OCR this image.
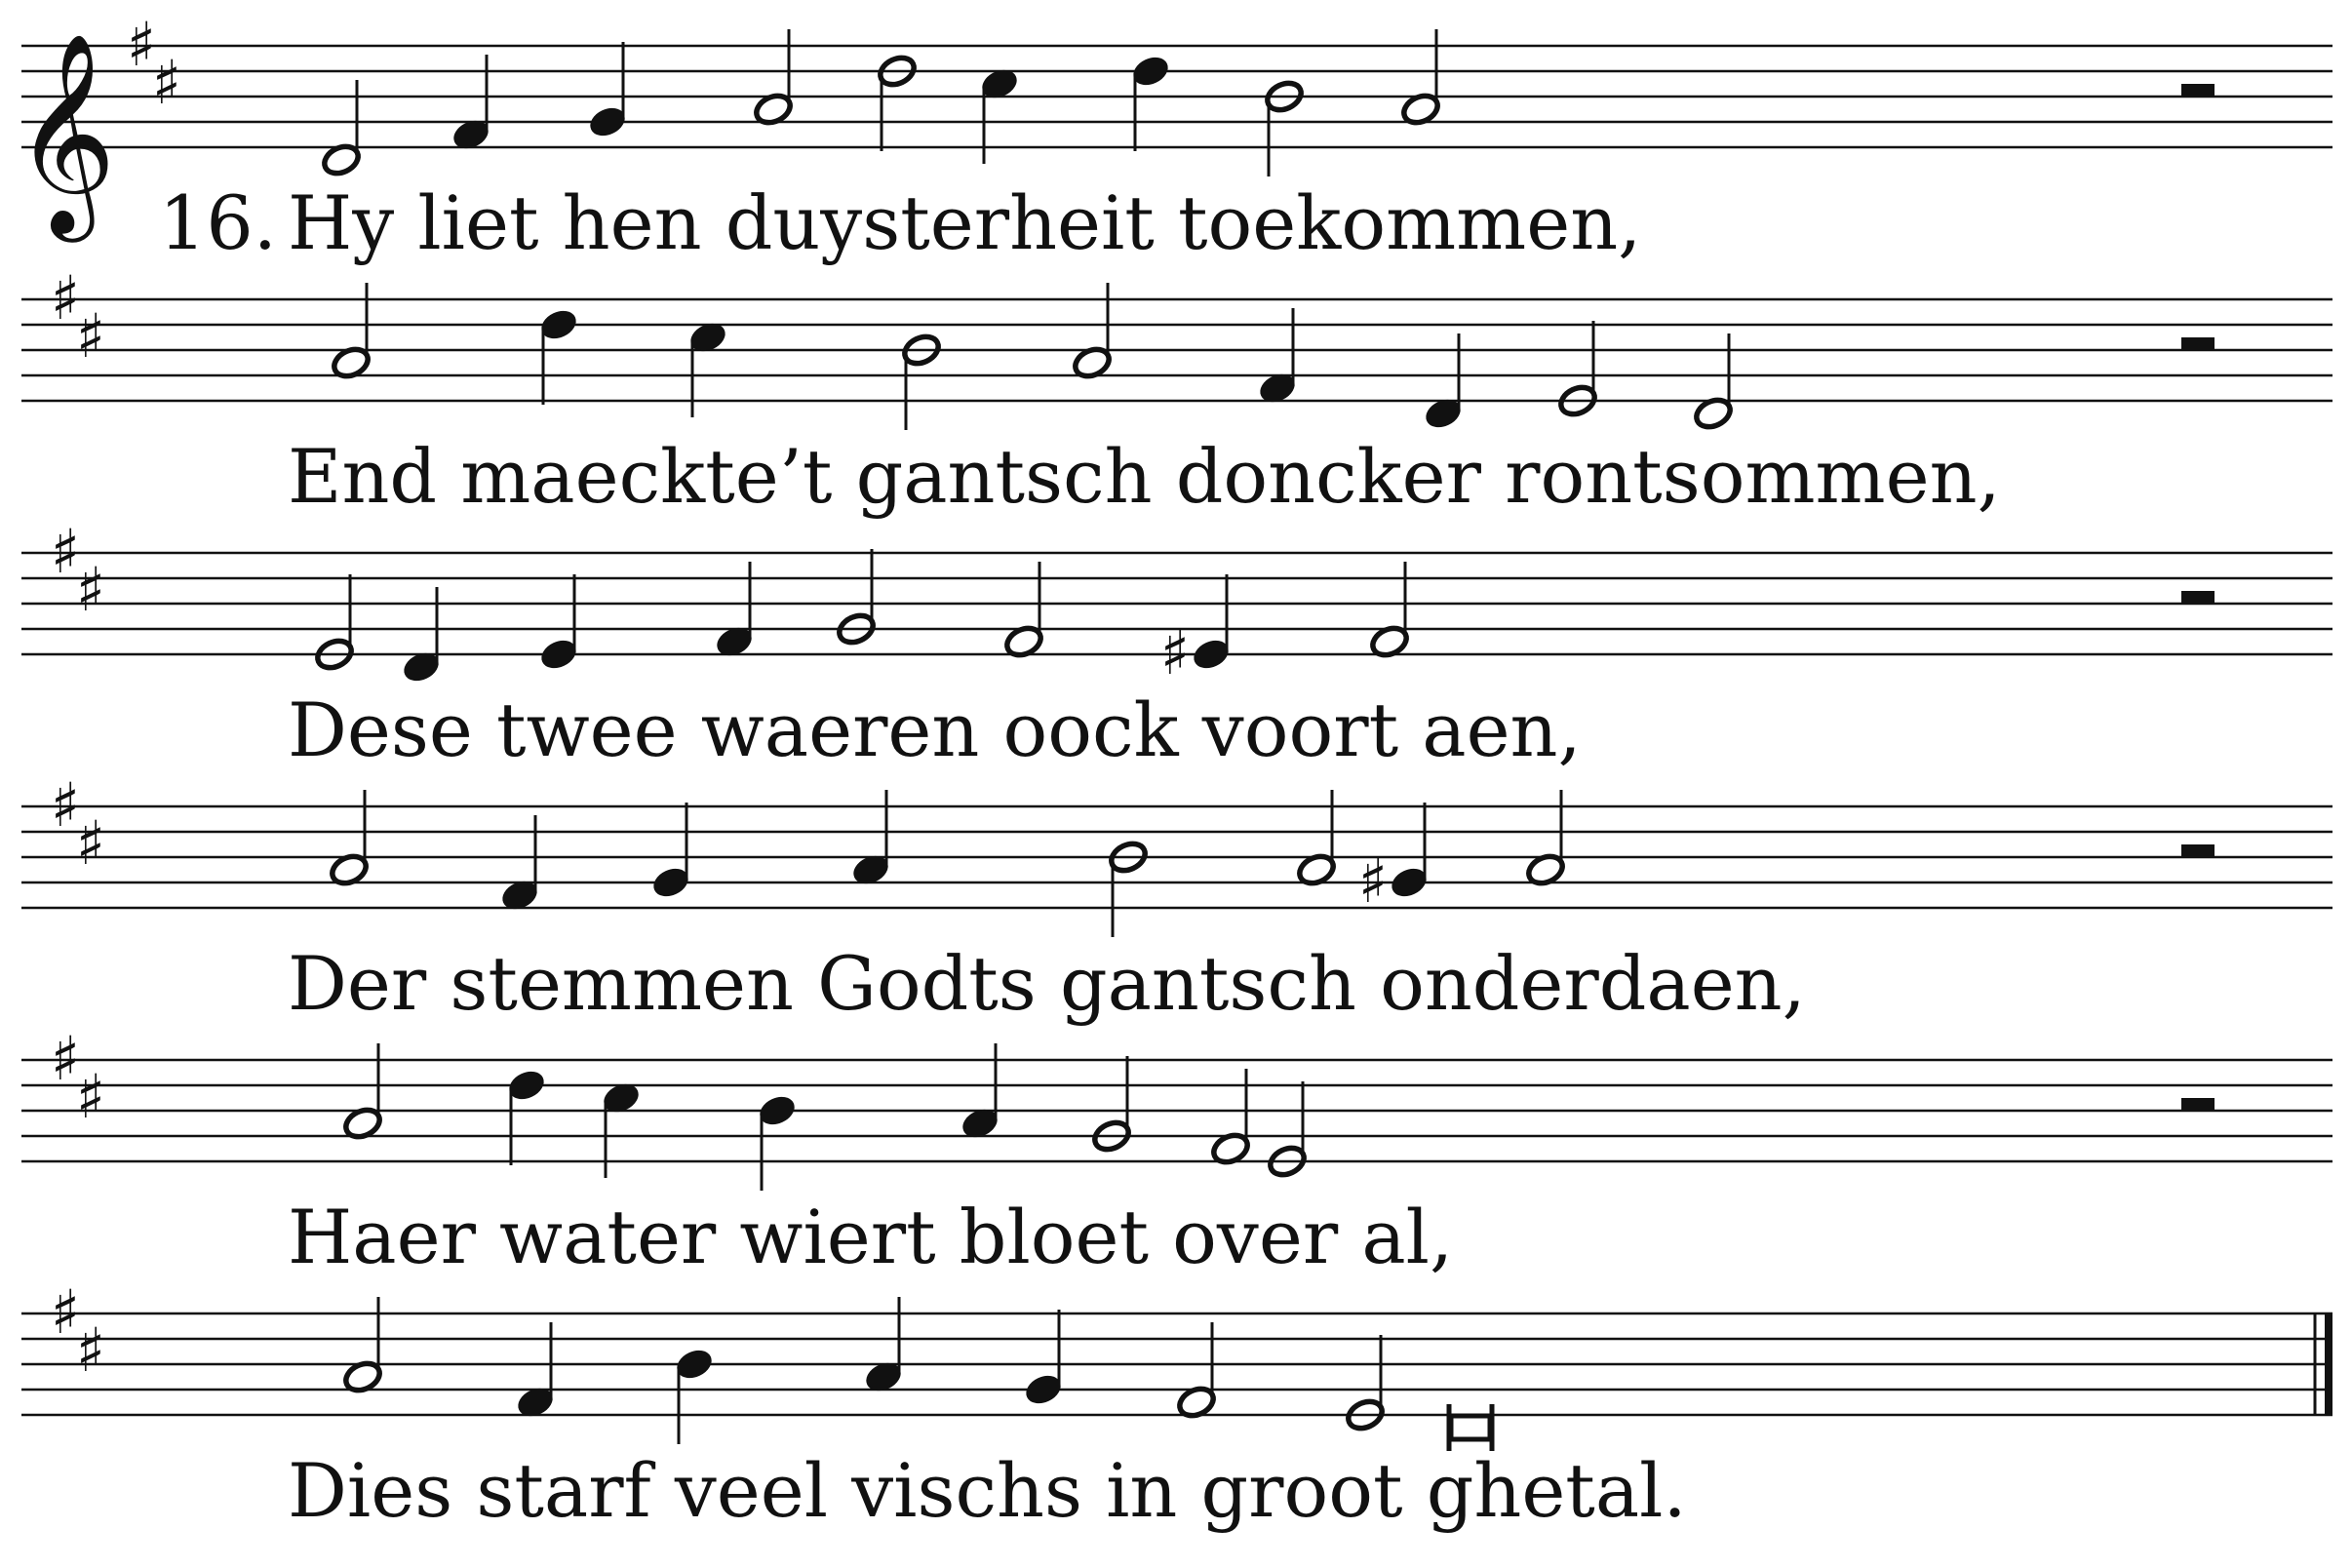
𝄞 ♯
♯
♯
♯
♯
♯
♯
♯
♯
♯
♯
♯
♯
♯
16. Hy liet hen duysterheit toekommen,
End maeckte’t gantsch doncker rontsommen,
Dese twee waeren oock voort aen,
Der stemmen Godts gantsch onderdaen,
Haer water wiert bloet over al,
Dies starf veel vischs in groot ghetal.
